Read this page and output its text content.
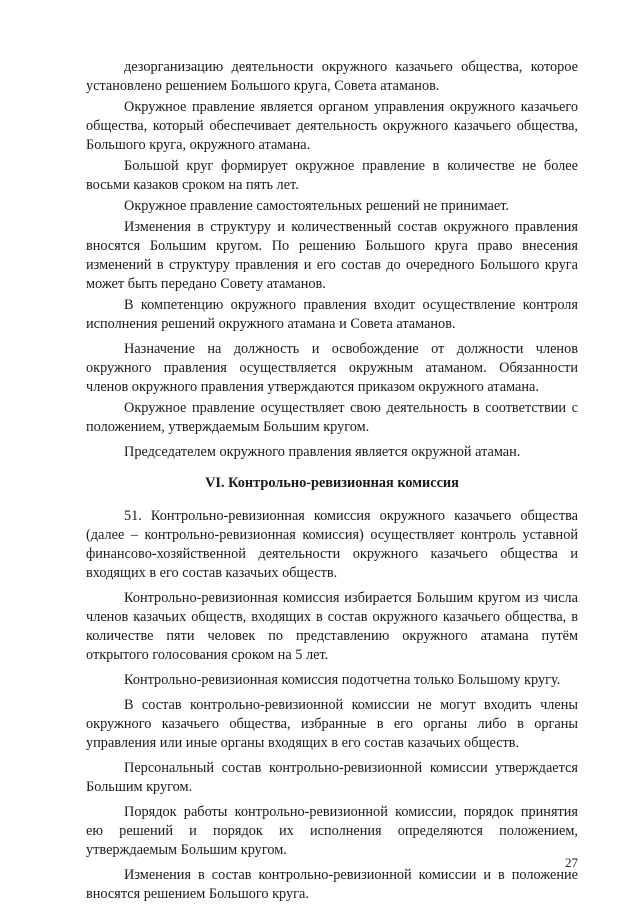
дезорганизацию деятельности окружного казачьего общества, которое установлено решением Большого круга, Совета атаманов.

Окружное правление является органом управления окружного казачьего общества, который обеспечивает деятельность окружного казачьего общества, Большого круга, окружного атамана.

Большой круг формирует окружное правление в количестве не более восьми казаков сроком на пять лет.

Окружное правление самостоятельных решений не принимает.

Изменения в структуру и количественный состав окружного правления вносятся Большим кругом. По решению Большого круга право внесения изменений в структуру правления и его состав до очередного Большого круга может быть передано Совету атаманов.

В компетенцию окружного правления входит осуществление контроля исполнения решений окружного атамана и Совета атаманов.

Назначение на должность и освобождение от должности членов окружного правления осуществляется окружным атаманом. Обязанности членов окружного правления утверждаются приказом окружного атамана.

Окружное правление осуществляет свою деятельность в соответствии с положением, утверждаемым Большим кругом.

Председателем окружного правления является окружной атаман.

VI. Контрольно-ревизионная комиссия

51. Контрольно-ревизионная комиссия окружного казачьего общества (далее – контрольно-ревизионная комиссия) осуществляет контроль уставной финансово-хозяйственной деятельности окружного казачьего общества и входящих в его состав казачьих обществ.

Контрольно-ревизионная комиссия избирается Большим кругом из числа членов казачьих обществ, входящих в состав окружного казачьего общества, в количестве пяти человек по представлению окружного атамана путём открытого голосования сроком на 5 лет.

Контрольно-ревизионная комиссия подотчетна только Большому кругу.

В состав контрольно-ревизионной комиссии не могут входить члены окружного казачьего общества, избранные в его органы либо в органы управления или иные органы входящих в его состав казачьих обществ.

Персональный состав контрольно-ревизионной комиссии утверждается Большим кругом.

Порядок работы контрольно-ревизионной комиссии, порядок принятия ею решений и порядок их исполнения определяются положением, утверждаемым Большим кругом.

Изменения в состав контрольно-ревизионной комиссии и в положение вносятся решением Большого круга.

27
